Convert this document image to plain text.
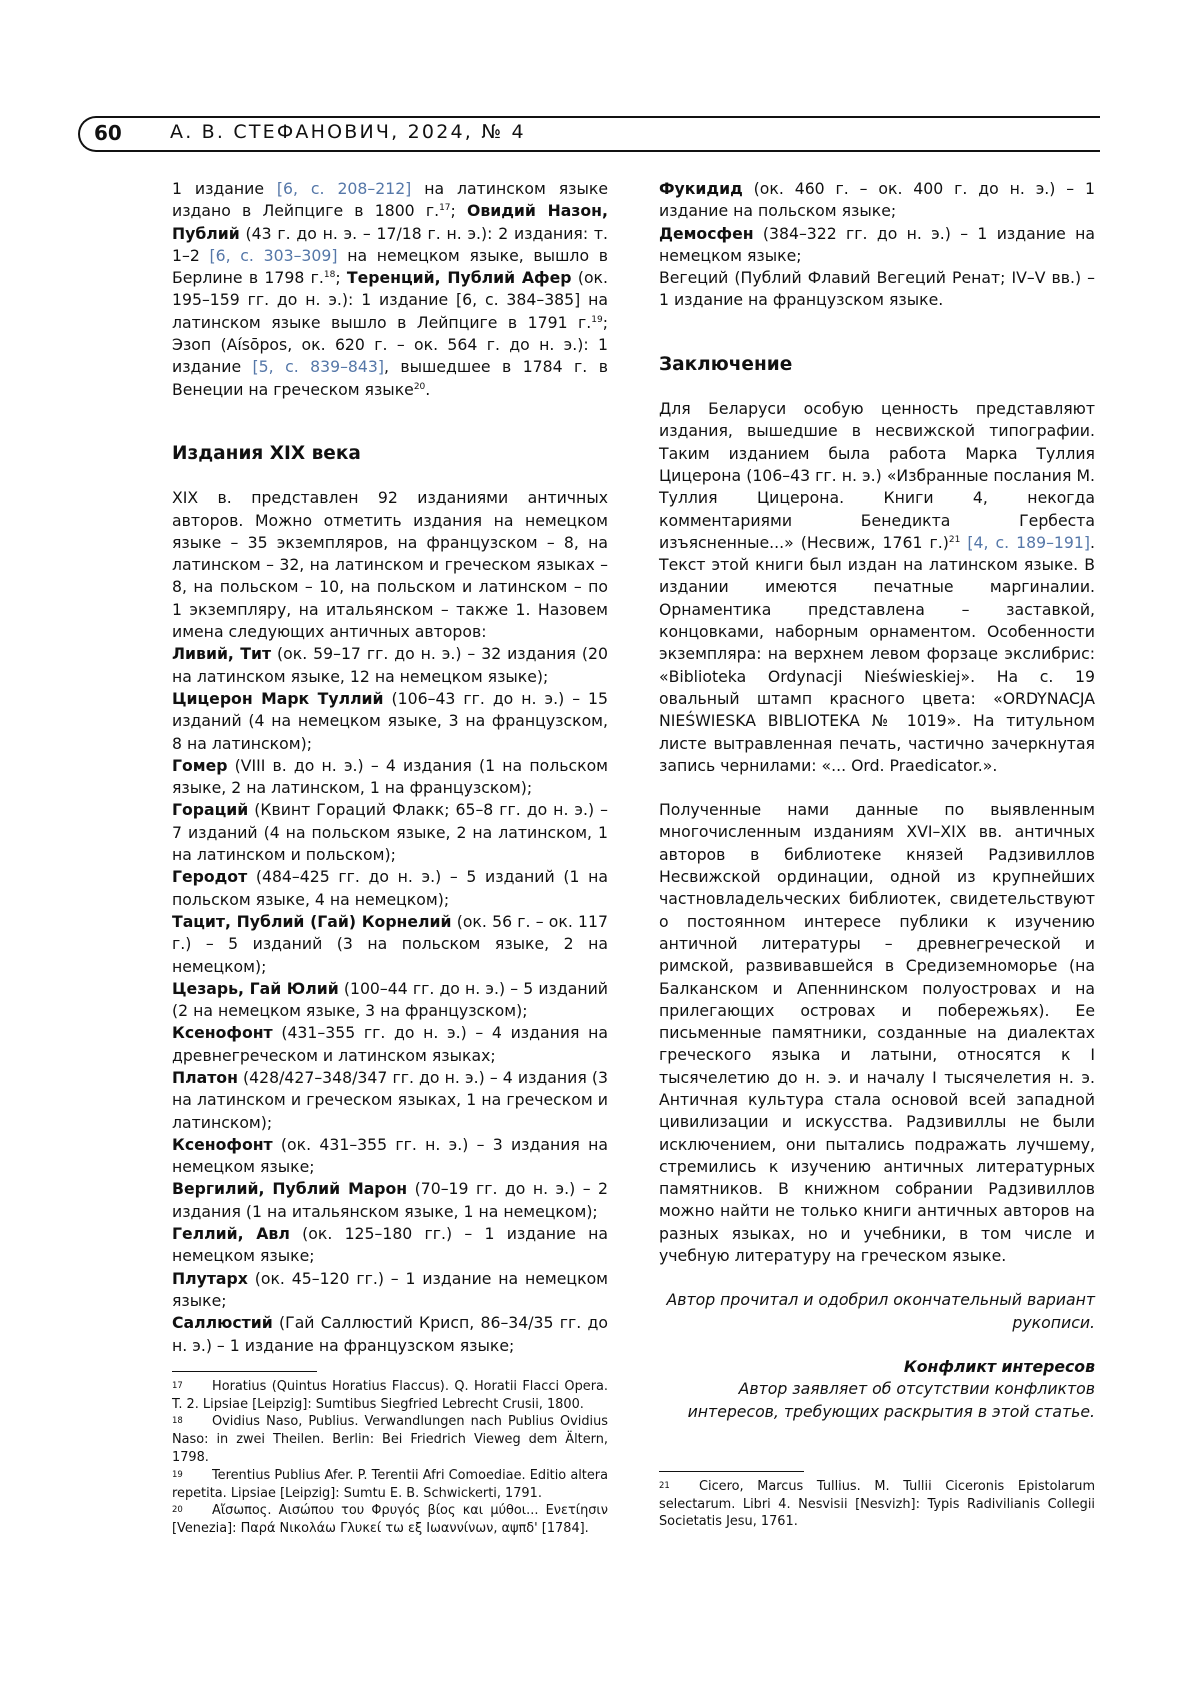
60	А. В. СТЕФАНОВИЧ, 2024, № 4

1 издание [6, с. 208–212] на латинском языке издано в Лейпциге в 1800 г.$^{17}$; Овидий Назон, Публий (43 г. до н. э. – 17/18 г. н. э.): 2 издания: т. 1–2 [6, с. 303–309] на немецком языке, вышло в Берлине в 1798 г.$^{18}$; Теренций, Публий Афер (ок. 195–159 гг. до н. э.): 1 издание [6, с. 384–385] на латинском языке вышло в Лейпциге в 1791 г.$^{19}$; Эзоп (Aísōpos, ок. 620 г. – ок. 564 г. до н. э.): 1 издание [5, с. 839–843], вышедшее в 1784 г. в Венеции на греческом языке$^{20}$.

Издания XIX века

XIX в. представлен 92 изданиями античных авторов. Можно отметить издания на немецком языке – 35 экземпляров, на французском – 8, на латинском – 32, на латинском и греческом языках – 8, на польском – 10, на польском и латинском – по 1 экземпляру, на итальянском – также 1. Назовем имена следующих античных авторов:

Ливий, Тит (ок. 59–17 гг. до н. э.) – 32 издания (20 на латинском языке, 12 на немецком языке);

Цицерон Марк Туллий (106–43 гг. до н. э.) – 15 изданий (4 на немецком языке, 3 на французском, 8 на латинском);

Гомер (VIII в. до н. э.) – 4 издания (1 на польском языке, 2 на латинском, 1 на французском);

Гораций (Квинт Гораций Флакк; 65–8 гг. до н. э.) – 7 изданий (4 на польском языке, 2 на латинском, 1 на латинском и польском);

Геродот (484–425 гг. до н. э.) – 5 изданий (1 на польском языке, 4 на немецком);

Тацит, Публий (Гай) Корнелий (ок. 56 г. – ок. 117 г.) – 5 изданий (3 на польском языке, 2 на немецком);

Цезарь, Гай Юлий (100–44 гг. до н. э.) – 5 изданий (2 на немецком языке, 3 на французском);

Ксенофонт (431–355 гг. до н. э.) – 4 издания на древнегреческом и латинском языках;

Платон (428/427–348/347 гг. до н. э.) – 4 издания (3 на латинском и греческом языках, 1 на греческом и латинском);

Ксенофонт (ок. 431–355 гг. н. э.) – 3 издания на немецком языке;

Вергилий, Публий Марон (70–19 гг. до н. э.) – 2 издания (1 на итальянском языке, 1 на немецком);

Геллий, Авл (ок. 125–180 гг.) – 1 издание на немецком языке;

Плутарх (ок. 45–120 гг.) – 1 издание на немецком языке;

Саллюстий (Гай Саллюстий Крисп, 86–34/35 гг. до н. э.) – 1 издание на французском языке;

17 Horatius (Quintus Horatius Flaccus). Q. Horatii Flacci Opera. T. 2. Lipsiae [Leipzig]: Sumtibus Siegfried Lebrecht Crusii, 1800.

18 Ovidius Naso, Publius. Verwandlungen nach Publius Ovidius Naso: in zwei Theilen. Berlin: Bei Friedrich Vieweg dem Ältern, 1798.

19 Terentius Publius Afer. P. Terentii Afri Comoediae. Editio altera repetita. Lipsiae [Leipzig]: Sumtu E. B. Schwickerti, 1791.

20 Αἴσωπος. Αισώπου του Φρυγός βίος και μύθοι... Ενετίησιν [Venezia]: Παρά Νικολάω Γλυκεί τω εξ Ιωαννίνων, αψπδ' [1784].

Фукидид (ок. 460 г. – ок. 400 г. до н. э.) – 1 издание на польском языке;

Демосфен (384–322 гг. до н. э.) – 1 издание на немецком языке;

Вегеций (Публий Флавий Вегеций Ренат; IV–V вв.) – 1 издание на французском языке.

Заключение

Для Беларуси особую ценность представляют издания, вышедшие в несвижской типографии. Таким изданием была работа Марка Туллия Цицерона (106–43 гг. н. э.) «Избранные послания М. Туллия Цицерона. Книги 4, некогда комментариями Бенедикта Гербеста изъясненные...» (Несвиж, 1761 г.)$^{21}$ [4, с. 189–191]. Текст этой книги был издан на латинском языке. В издании имеются печатные маргиналии. Орнаментика представлена – заставкой, концовками, наборным орнаментом. Особенности экземпляра: на верхнем левом форзаце экслибрис: «Biblioteka Ordynacji Nieświeskiej». На с. 19 овальный штамп красного цвета: «ORDYNACJA NIEŚWIESKA BIBLIOTEKA № 1019». На титульном листе вытравленная печать, частично зачеркнутая запись чернилами: «... Ord. Praedicator.».

Полученные нами данные по выявленным многочисленным изданиям XVI–XIX вв. античных авторов в библиотеке князей Радзивиллов Несвижской ординации, одной из крупнейших частновладельческих библиотек, свидетельствуют о постоянном интересе публики к изучению античной литературы – древнегреческой и римской, развивавшейся в Средиземноморье (на Балканском и Апеннинском полуостровах и на прилегающих островах и побережьях). Ее письменные памятники, созданные на диалектах греческого языка и латыни, относятся к I тысячелетию до н. э. и началу I тысячелетия н. э. Античная культура стала основой всей западной цивилизации и искусства. Радзивиллы не были исключением, они пытались подражать лучшему, стремились к изучению античных литературных памятников. В книжном собрании Радзивиллов можно найти не только книги античных авторов на разных языках, но и учебники, в том числе и учебную литературу на греческом языке.

Автор прочитал и одобрил окончательный вариант рукописи.

Конфликт интересов

Автор заявляет об отсутствии конфликтов интересов, требующих раскрытия в этой статье.

21 Cicero, Marcus Tullius. M. Tullii Ciceronis Epistolarum selectarum. Libri 4. Nesvisii [Nesvizh]: Typis Radivilianis Collegii Societatis Jesu, 1761.
